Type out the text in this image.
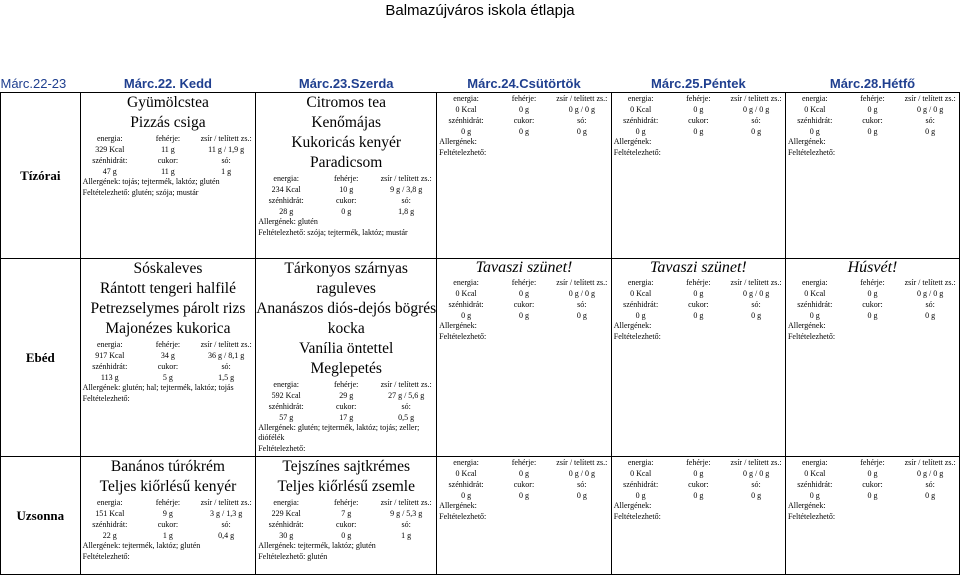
Balmazújváros iskola étlapja
Márc.22-23	Márc.22. Kedd	Márc.23.Szerda	Márc.24.Csütörtök	Márc.25.Péntek	Márc.28.Hétfő
Tízórai	
Gyümölcstea
Pizzás csiga
energia:	fehérje:	zsír / telített zs.:
329 Kcal	11 g	11 g / 1,9 g
szénhidrát:	cukor:	só:
47 g	11 g	1 g
Allergének: tojás; tejtermék, laktóz; glutén
Feltételezhető: glutén; szója; mustár

Citromos tea
Kenőmájas
Kukoricás kenyér
Paradicsom
energia:	fehérje:	zsír / telített zs.:
234 Kcal	10 g	9 g / 3,8 g
szénhidrát:	cukor:	só:
28 g	0 g	1,8 g
Allergének: glutén
Feltételezhető: szója; tejtermék, laktóz; mustár

energia:	fehérje:	zsír / telített zs.:
0 Kcal	0 g	0 g / 0 g
szénhidrát:	cukor:	só:
0 g	0 g	0 g
Allergének:
Feltételezhető:

energia:	fehérje:	zsír / telített zs.:
0 Kcal	0 g	0 g / 0 g
szénhidrát:	cukor:	só:
0 g	0 g	0 g
Allergének:
Feltételezhető:

energia:	fehérje:	zsír / telített zs.:
0 Kcal	0 g	0 g / 0 g
szénhidrát:	cukor:	só:
0 g	0 g	0 g
Allergének:
Feltételezhető:

Ebéd	
Sóskaleves
Rántott tengeri halfilé
Petrezselymes párolt rizs
Majonézes kukorica
energia:	fehérje:	zsír / telített zs.:
917 Kcal	34 g	36 g / 8,1 g
szénhidrát:	cukor:	só:
113 g	5 g	1,5 g
Allergének: glutén; hal; tejtermék, laktóz; tojás
Feltételezhető:

Tárkonyos szárnyas
raguleves
Ananászos diós-dejós bögrés
kocka
Vanília öntettel
Meglepetés
energia:	fehérje:	zsír / telített zs.:
592 Kcal	29 g	27 g / 5,6 g
szénhidrát:	cukor:	só:
57 g	17 g	0,5 g
Allergének: glutén; tejtermék, laktóz; tojás; zeller; diófélék
Feltételezhető:

Tavaszi szünet!
energia:	fehérje:	zsír / telített zs.:
0 Kcal	0 g	0 g / 0 g
szénhidrát:	cukor:	só:
0 g	0 g	0 g
Allergének:
Feltételezhető:

Tavaszi szünet!
energia:	fehérje:	zsír / telített zs.:
0 Kcal	0 g	0 g / 0 g
szénhidrát:	cukor:	só:
0 g	0 g	0 g
Allergének:
Feltételezhető:

Húsvét!
energia:	fehérje:	zsír / telített zs.:
0 Kcal	0 g	0 g / 0 g
szénhidrát:	cukor:	só:
0 g	0 g	0 g
Allergének:
Feltételezhető:

Uzsonna	
Banános túrókrém
Teljes kiőrlésű kenyér
energia:	fehérje:	zsír / telített zs.:
151 Kcal	9 g	3 g / 1,3 g
szénhidrát:	cukor:	só:
22 g	1 g	0,4 g
Allergének: tejtermék, laktóz; glutén
Feltételezhető:

Tejszínes sajtkrémes
Teljes kiőrlésű zsemle
energia:	fehérje:	zsír / telített zs.:
229 Kcal	7 g	9 g / 5,3 g
szénhidrát:	cukor:	só:
30 g	0 g	1 g
Allergének: tejtermék, laktóz; glutén
Feltételezhető: glutén

energia:	fehérje:	zsír / telített zs.:
0 Kcal	0 g	0 g / 0 g
szénhidrát:	cukor:	só:
0 g	0 g	0 g
Allergének:
Feltételezhető:

energia:	fehérje:	zsír / telített zs.:
0 Kcal	0 g	0 g / 0 g
szénhidrát:	cukor:	só:
0 g	0 g	0 g
Allergének:
Feltételezhető:

energia:	fehérje:	zsír / telített zs.:
0 Kcal	0 g	0 g / 0 g
szénhidrát:	cukor:	só:
0 g	0 g	0 g
Allergének:
Feltételezhető:
